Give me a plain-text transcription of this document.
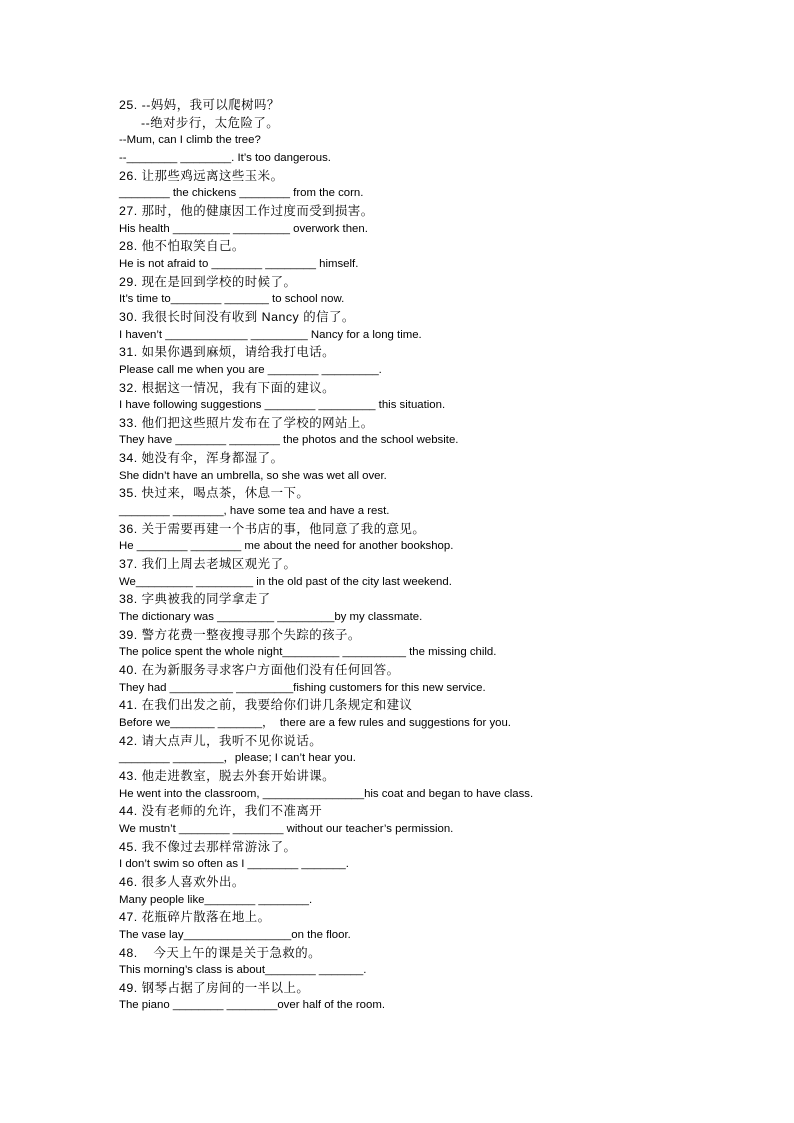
25. --妈妈，我可以爬树吗？
--绝对步行，太危险了。
--Mum, can I climb the tree?
--________ ________. It’s too dangerous.
26. 让那些鸡远离这些玉米。
________ the chickens ________ from the corn.
27. 那时，他的健康因工作过度而受到损害。
His health _________ _________ overwork then.
28. 他不怕取笑自己。
He is not afraid to ________ ________ himself.
29. 现在是回到学校的时候了。
It’s time to________ _______ to school now.
30. 我很长时间没有收到 Nancy 的信了。
I haven’t _____________ _________ Nancy for a long time.
31. 如果你遇到麻烦，请给我打电话。
Please call me when you are ________ _________.
32. 根据这一情况，我有下面的建议。
I have following suggestions ________ _________ this situation.
33. 他们把这些照片发布在了学校的网站上。
They have ________ ________ the photos and the school website.
34. 她没有伞，浑身都湿了。
She didn’t have an umbrella, so she was wet all over.
35. 快过来，喝点茶，休息一下。
________ ________, have some tea and have a rest.
36. 关于需要再建一个书店的事，他同意了我的意见。
He ________ ________ me about the need for another bookshop.
37. 我们上周去老城区观光了。
We_________ _________ in the old past of the city last weekend.
38. 字典被我的同学拿走了
The dictionary was _________ _________by my classmate.
39. 警方花费一整夜搜寻那个失踪的孩子。
The police spent the whole night_________ __________ the missing child.
40. 在为新服务寻求客户方面他们没有任何回答。
They had __________ _________fishing customers for this new service.
41. 在我们出发之前，我要给你们讲几条规定和建议
Before we_______ _______，  there are a few rules and suggestions for you.
42. 请大点声儿，我听不见你说话。
________ ________，please; I can’t hear you.
43. 他走进教室，脱去外套开始讲课。
He went into the classroom, ________________his coat and began to have class.
44. 没有老师的允许，我们不准离开
We mustn’t ________ ________ without our teacher’s permission.
45. 我不像过去那样常游泳了。
I don’t swim so often as I ________ _______.
46. 很多人喜欢外出。
Many people like________ ________.
47. 花瓶碎片散落在地上。
The vase lay_________________on the floor.
48.    今天上午的课是关于急救的。
This morning’s class is about________ _______.
49. 钢琴占据了房间的一半以上。
The piano ________ ________over half of the room.
